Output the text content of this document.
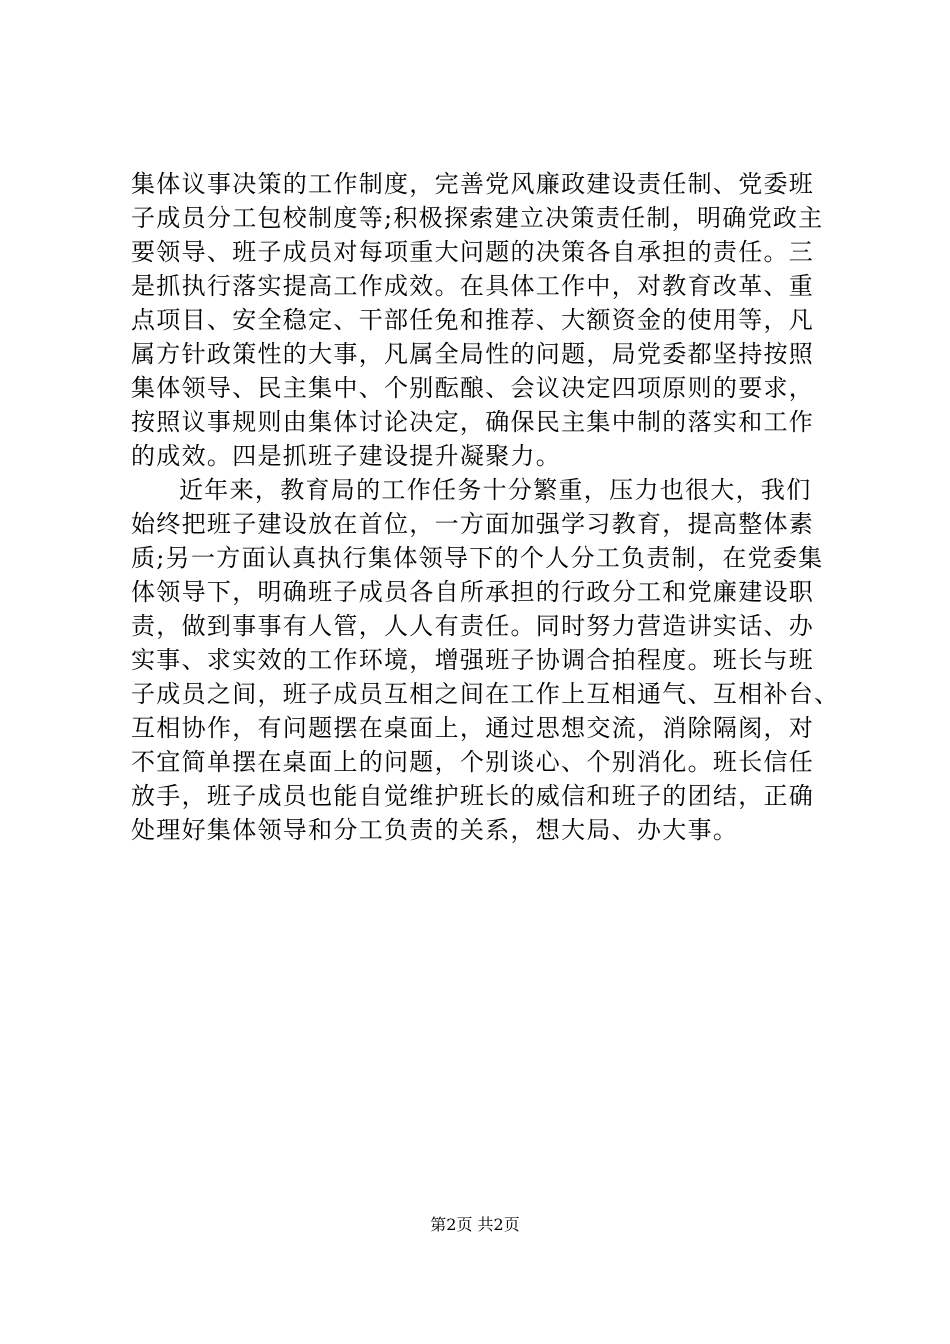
集体议事决策的工作制度，完善党风廉政建设责任制、党委班
子成员分工包校制度等;积极探索建立决策责任制，明确党政主
要领导、班子成员对每项重大问题的决策各自承担的责任。三
是抓执行落实提高工作成效。在具体工作中，对教育改革、重
点项目、安全稳定、干部任免和推荐、大额资金的使用等，凡
属方针政策性的大事，凡属全局性的问题，局党委都坚持按照
集体领导、民主集中、个别酝酿、会议决定四项原则的要求，
按照议事规则由集体讨论决定，确保民主集中制的落实和工作
的成效。四是抓班子建设提升凝聚力。
近年来，教育局的工作任务十分繁重，压力也很大，我们
始终把班子建设放在首位，一方面加强学习教育，提高整体素
质;另一方面认真执行集体领导下的个人分工负责制，在党委集
体领导下，明确班子成员各自所承担的行政分工和党廉建设职
责，做到事事有人管，人人有责任。同时努力营造讲实话、办
实事、求实效的工作环境，增强班子协调合拍程度。班长与班
子成员之间，班子成员互相之间在工作上互相通气、互相补台、
互相协作，有问题摆在桌面上，通过思想交流，消除隔阂，对
不宜简单摆在桌面上的问题，个别谈心、个别消化。班长信任
放手，班子成员也能自觉维护班长的威信和班子的团结，正确
处理好集体领导和分工负责的关系，想大局、办大事。
第2页 共2页
